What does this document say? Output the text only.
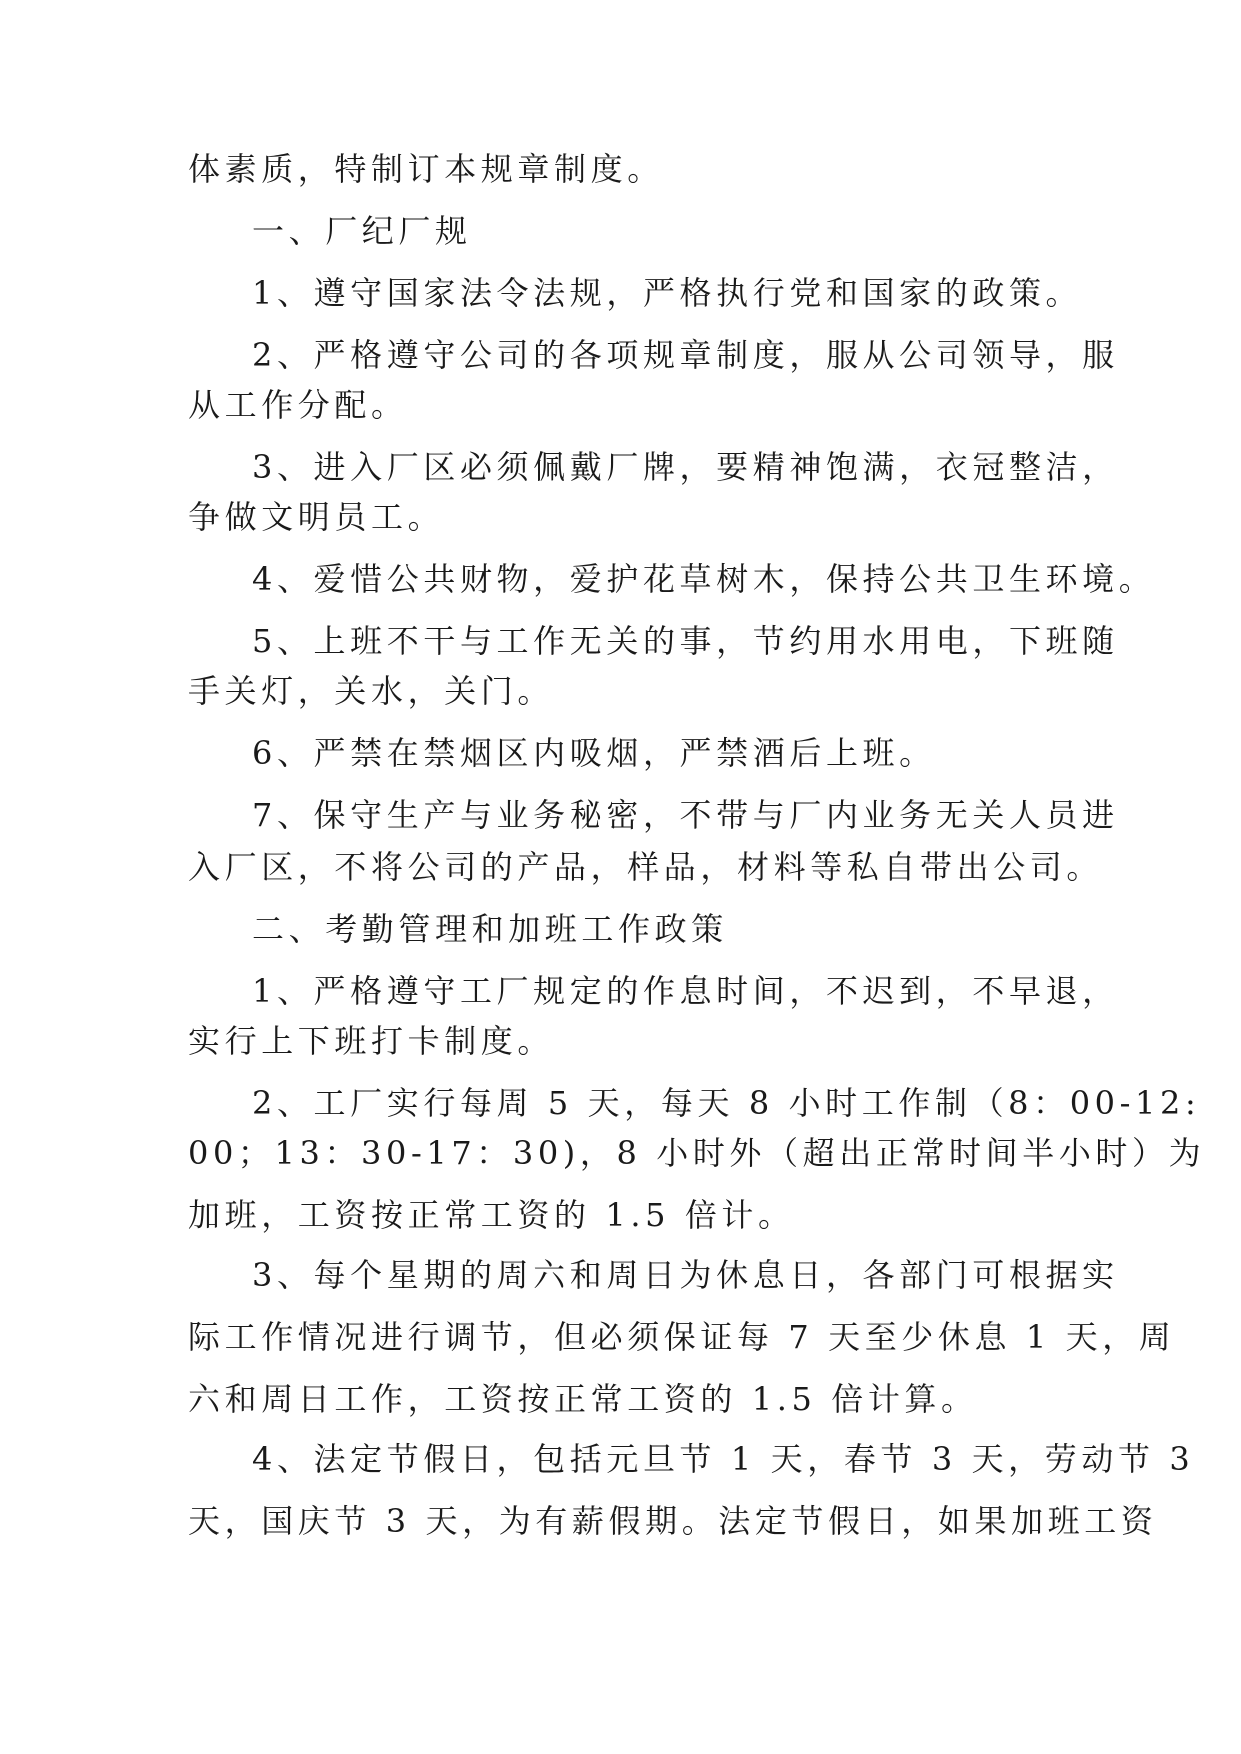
体素质，特制订本规章制度。

一、厂纪厂规

1、遵守国家法令法规，严格执行党和国家的政策。

2、严格遵守公司的各项规章制度，服从公司领导，服

从工作分配。

3、进入厂区必须佩戴厂牌，要精神饱满，衣冠整洁，

争做文明员工。

4、爱惜公共财物，爱护花草树木，保持公共卫生环境。

5、上班不干与工作无关的事，节约用水用电，下班随

手关灯，关水，关门。

6、严禁在禁烟区内吸烟，严禁酒后上班。

7、保守生产与业务秘密，不带与厂内业务无关人员进

入厂区，不将公司的产品，样品，材料等私自带出公司。

二、考勤管理和加班工作政策

1、严格遵守工厂规定的作息时间，不迟到，不早退，

实行上下班打卡制度。

2、工厂实行每周 5 天，每天 8 小时工作制（8：00-12:

00；13：30-17：30)，8 小时外（超出正常时间半小时）为

加班，工资按正常工资的 1.5 倍计。

3、每个星期的周六和周日为休息日，各部门可根据实

际工作情况进行调节，但必须保证每 7 天至少休息 1 天，周

六和周日工作，工资按正常工资的 1.5 倍计算。

4、法定节假日，包括元旦节 1 天，春节 3 天，劳动节 3

天，国庆节 3 天，为有薪假期。法定节假日，如果加班工资
